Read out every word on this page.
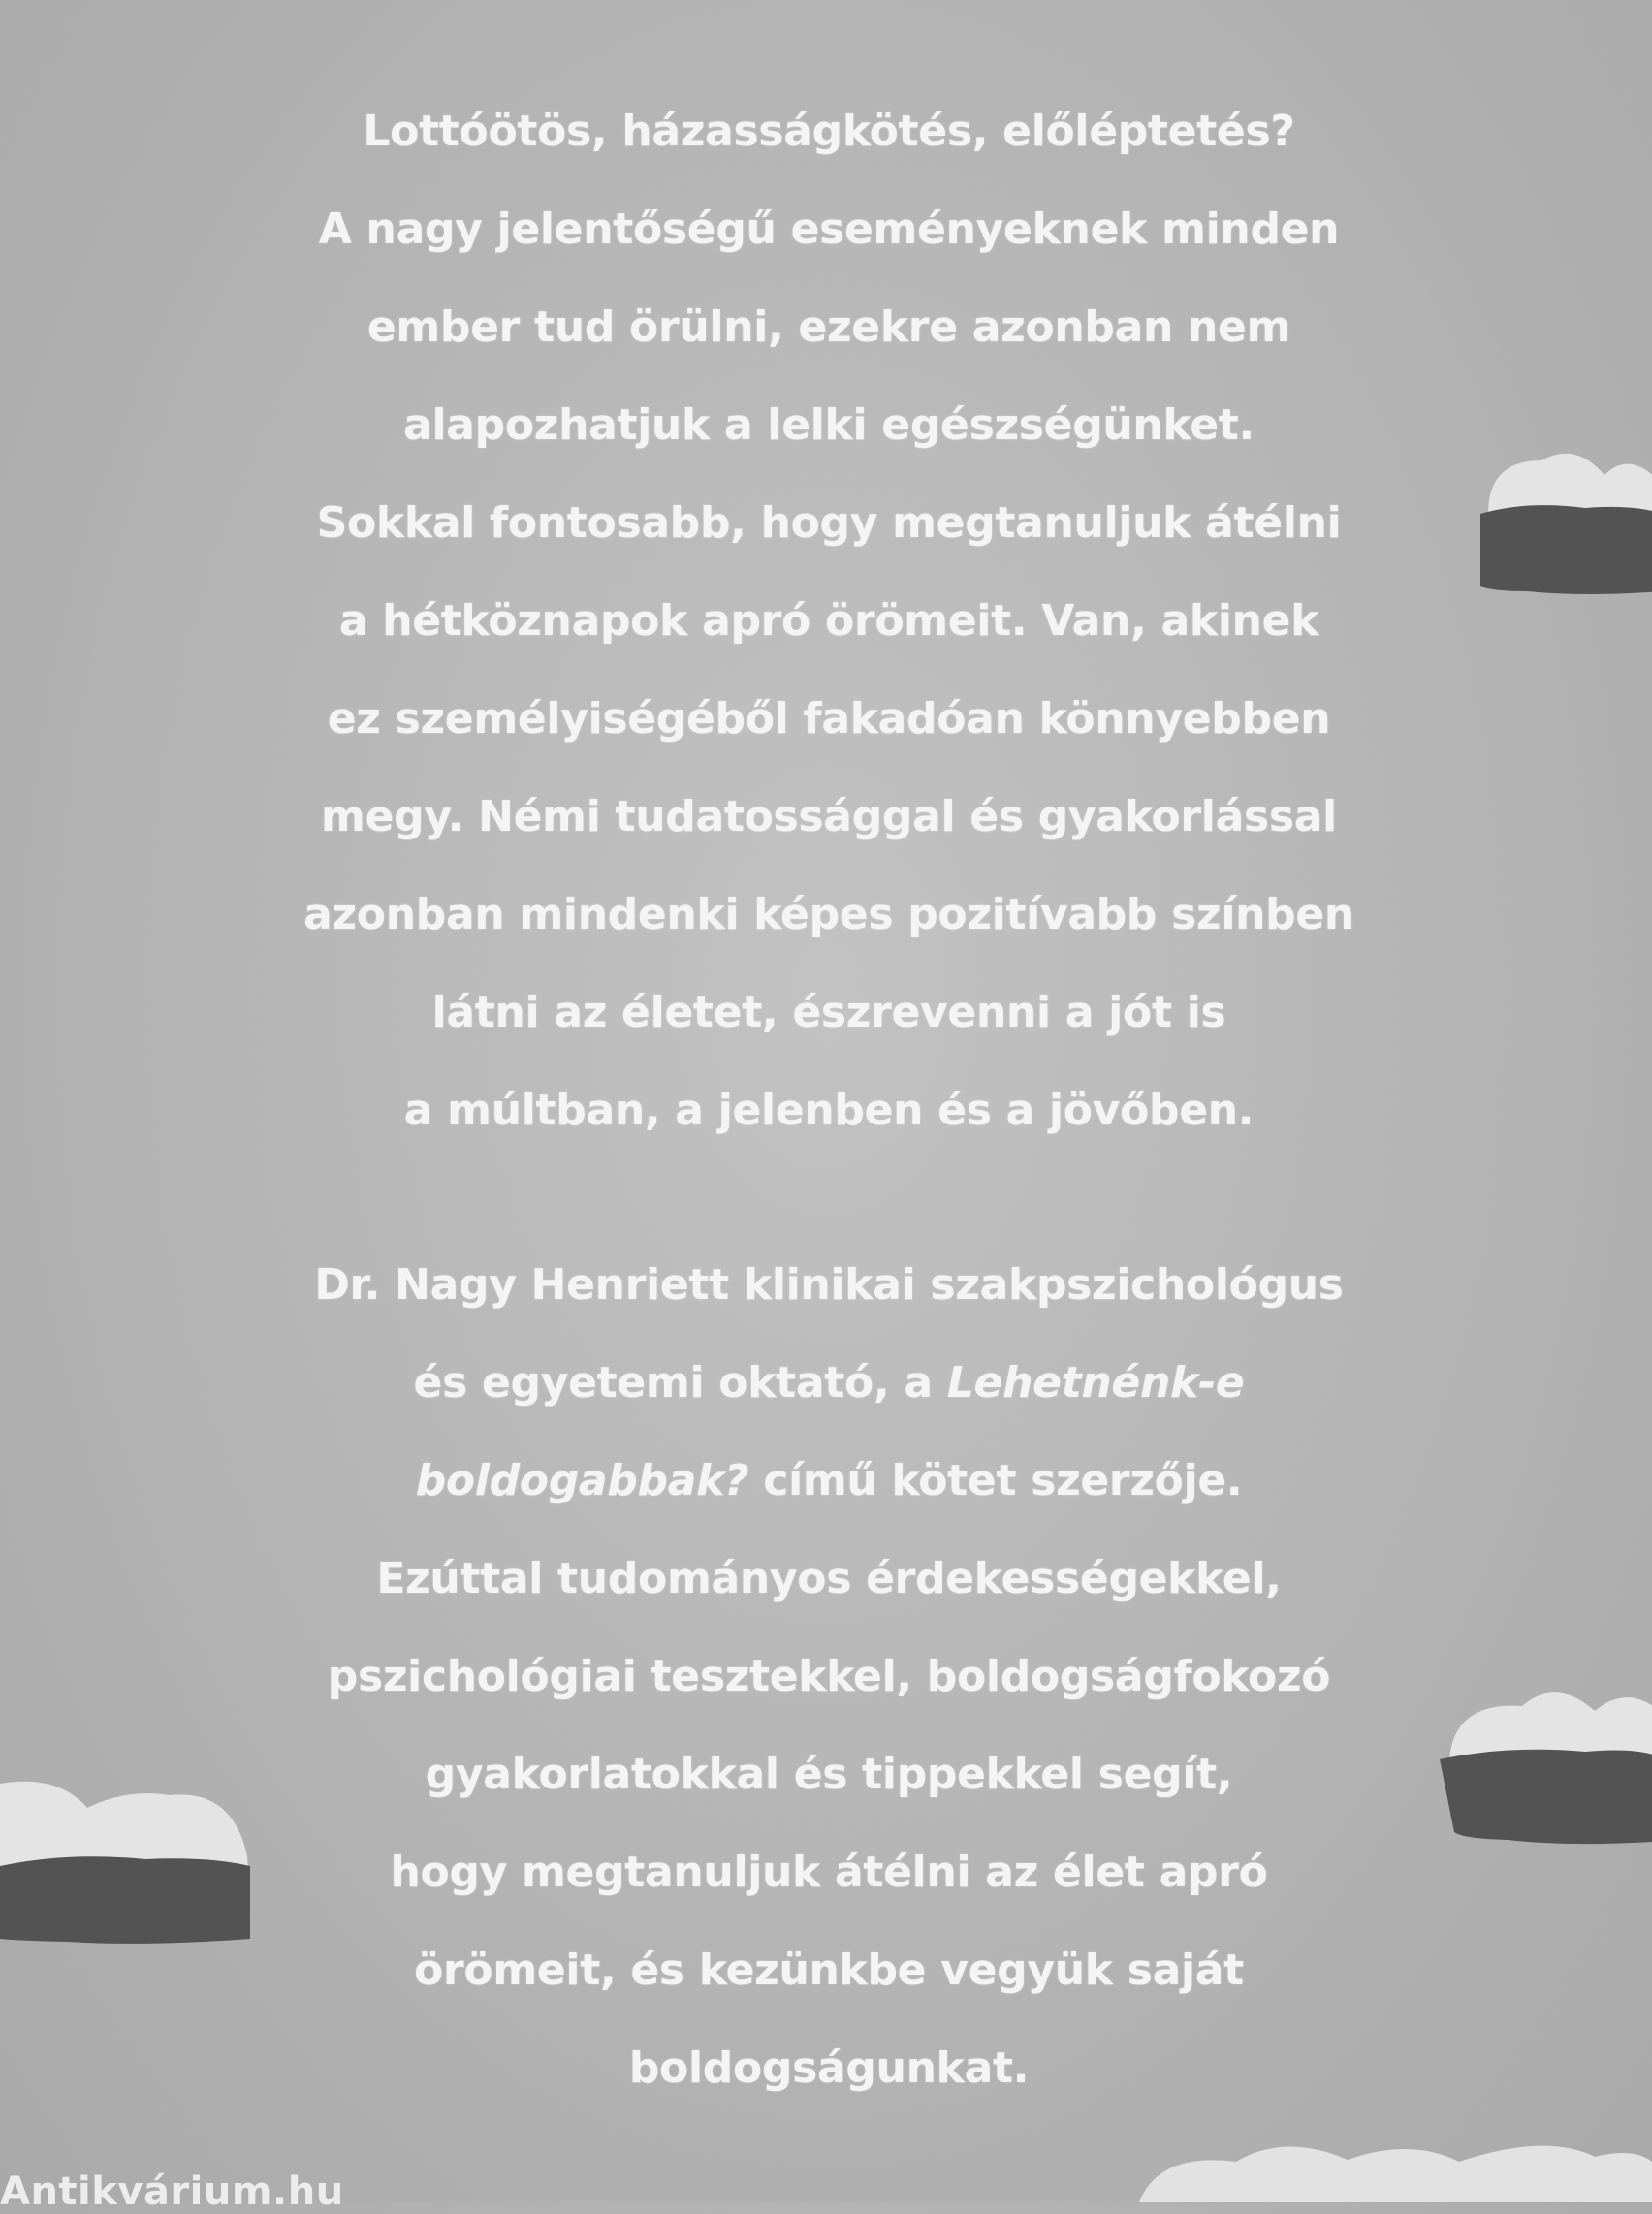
Lottóötös, házasságkötés, előléptetés?
A nagy jelentőségű eseményeknek minden
ember tud örülni, ezekre azonban nem
alapozhatjuk a lelki egészségünket.
Sokkal fontosabb, hogy megtanuljuk átélni
a hétköznapok apró örömeit. Van, akinek
ez személyiségéből fakadóan könnyebben
megy. Némi tudatossággal és gyakorlással
azonban mindenki képes pozitívabb színben
látni az életet, észrevenni a jót is
a múltban, a jelenben és a jövőben.
Dr. Nagy Henriett klinikai szakpszichológus
és egyetemi oktató, a Lehetnénk-e
boldogabbak? című kötet szerzője.
Ezúttal tudományos érdekességekkel,
pszichológiai tesztekkel, boldogságfokozó
gyakorlatokkal és tippekkel segít,
hogy megtanuljuk átélni az élet apró
örömeit, és kezünkbe vegyük saját
boldogságunkat.
Antikvárium.hu
